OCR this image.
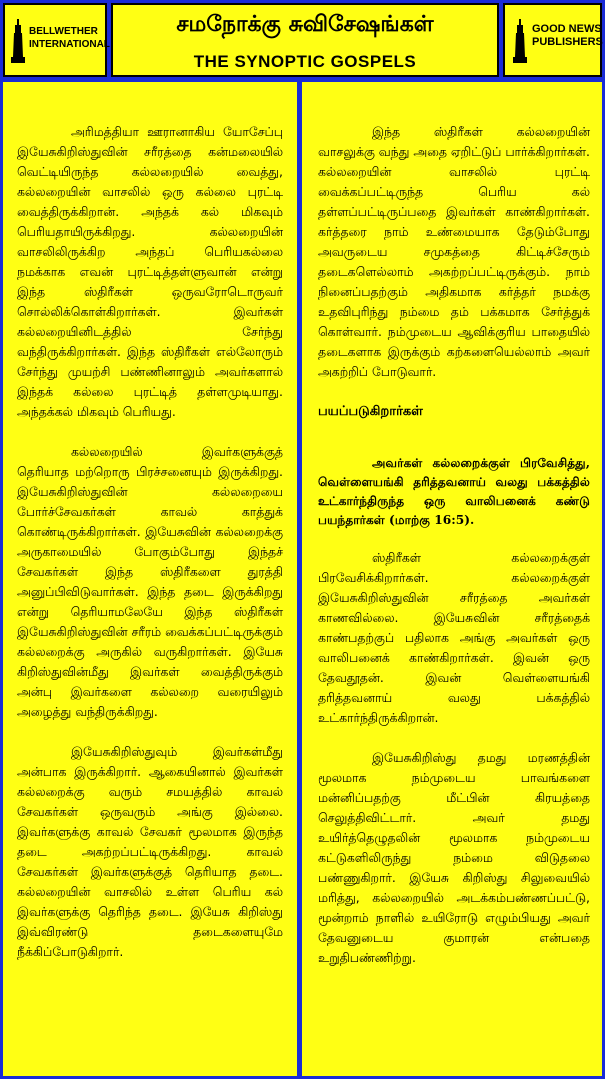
BELLWETHER
INTERNATIONAL
சமநோக்கு சுவிசேஷங்கள்
THE SYNOPTIC GOSPELS
GOOD NEWS
PUBLISHERS

அரிமத்தியா ஊரானாகிய யோசேப்பு இயேசுகிறிஸ்துவின் சரீரத்தை கன்மலையில் வெட்டியிருந்த கல்லறையில் வைத்து, கல்லறையின் வாசலில் ஒரு கல்லை புரட்டி வைத்திருக்கிறான். அந்தக் கல் மிகவும் பெரியதாயிருக்கிறது. கல்லறையின் வாசலிலிருக்கிற அந்தப் பெரியகல்லை நமக்காக எவன் புரட்டித்தள்ளுவான் என்று இந்த ஸ்திரீகள் ஒருவரோடொருவர் சொல்லிக்கொள்கிறார்கள். இவர்கள் கல்லறையினிடத்தில் சேர்ந்து வந்திருக்கிறார்கள். இந்த ஸ்திரீகள் எல்லோரும் சேர்ந்து முயற்சி பண்ணினாலும் அவர்களால் இந்தக் கல்லை புரட்டித் தள்ளமுடியாது. அந்தக்கல் மிகவும் பெரியது.

கல்லறையில் இவர்களுக்குத் தெரியாத மற்றொரு பிரச்சனையும் இருக்கிறது. இயேசுகிறிஸ்துவின் கல்லறையை போர்ச்சேவகர்கள் காவல் காத்துக் கொண்டிருக்கிறார்கள். இயேசுவின் கல்லறைக்கு அருகாமையில் போகும்போது இந்தச் சேவகர்கள் இந்த ஸ்திரீகளை துரத்தி அனுப்பிவிடுவார்கள். இந்த தடை இருக்கிறது என்று தெரியாமலேயே இந்த ஸ்திரீகள் இயேசுகிறிஸ்துவின் சரீரம் வைக்கப்பட்டிருக்கும் கல்லறைக்கு அருகில் வருகிறார்கள். இயேசு கிறிஸ்துவின்மீது இவர்கள் வைத்திருக்கும் அன்பு இவர்களை கல்லறை வரையிலும் அழைத்து வந்திருக்கிறது.

இயேசுகிறிஸ்துவும் இவர்கள்மீது அன்பாக இருக்கிறார். ஆகையினால் இவர்கள் கல்லறைக்கு வரும் சமயத்தில் காவல் சேவகர்கள் ஒருவரும் அங்கு இல்லை. இவர்களுக்கு காவல் சேவகர் மூலமாக இருந்த தடை அகற்றப்பட்டிருக்கிறது. காவல் சேவகர்கள் இவர்களுக்குத் தெரியாத தடை. கல்லறையின் வாசலில் உள்ள பெரிய கல் இவர்களுக்கு தெரிந்த தடை. இயேசு கிறிஸ்து இவ்விரண்டு தடைகளையுமே நீக்கிப்போடுகிறார்.

இந்த ஸ்திரீகள் கல்லறையின் வாசலுக்கு வந்து அதை ஏறிட்டுப் பார்க்கிறார்கள். கல்லறையின் வாசலில் புரட்டி வைக்கப்பட்டிருந்த பெரிய கல் தள்ளப்பட்டிருப்பதை இவர்கள் காண்கிறார்கள். கர்த்தரை நாம் உண்மையாக தேடும்போது அவருடைய சமுகத்தை கிட்டிச்சேரும் தடைகளெல்லாம் அகற்றப்பட்டிருக்கும். நாம் நினைப்பதற்கும் அதிகமாக கர்த்தர் நமக்கு உதவிபுரிந்து நம்மை தம் பக்கமாக சேர்த்துக் கொள்வார். நம்முடைய ஆவிக்குரிய பாதையில் தடைகளாக இருக்கும் கற்களையெல்லாம் அவர் அகற்றிப் போடுவார்.

பயப்படுகிறார்கள்

அவர்கள் கல்லறைக்குள் பிரவேசித்து, வெள்ளையங்கி தரித்தவனாய் வலது பக்கத்தில் உட்கார்ந்திருந்த ஒரு வாலிபனைக் கண்டு பயந்தார்கள் (மாற்கு 16:5).

ஸ்திரீகள் கல்லறைக்குள் பிரவேசிக்கிறார்கள். கல்லறைக்குள் இயேசுகிறிஸ்துவின் சரீரத்தை அவர்கள் காணவில்லை. இயேசுவின் சரீரத்தைக் காண்பதற்குப் பதிலாக அங்கு அவர்கள் ஒரு வாலிபனைக் காண்கிறார்கள். இவன் ஒரு தேவதூதன். இவன் வெள்ளையங்கி தரித்தவனாய் வலது பக்கத்தில் உட்கார்ந்திருக்கிறான்.

இயேசுகிறிஸ்து தமது மரணத்தின் மூலமாக நம்முடைய பாவங்களை மன்னிப்பதற்கு மீட்பின் கிரயத்தை செலுத்திவிட்டார். அவர் தமது உயிர்த்தெழுதலின் மூலமாக நம்முடைய கட்டுகளிலிருந்து நம்மை விடுதலை பண்ணுகிறார். இயேசு கிறிஸ்து சிலுவையில் மரித்து, கல்லறையில் அடக்கம்பண்ணப்பட்டு, மூன்றாம் நாளில் உயிரோடு எழும்பியது அவர் தேவனுடைய குமாரன் என்பதை உறுதிபண்ணிற்று.
